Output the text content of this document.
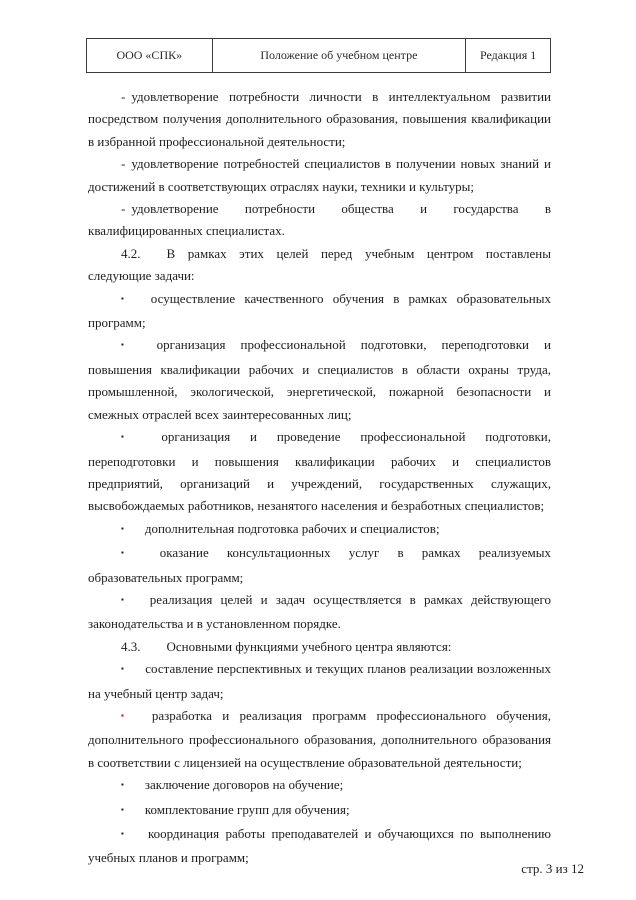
ООО «СПК»	Положение об учебном центре	Редакция 1

- удовлетворение потребности личности в интеллектуальном развитии посредством получения дополнительного образования, повышения квалификации в избранной профессиональной деятельности;

- удовлетворение потребностей специалистов в получении новых знаний и достижений в соответствующих отраслях науки, техники и культуры;

- удовлетворение потребности общества и государства в квалифицированных специалистах.

4.2. В рамках этих целей перед учебным центром поставлены следующие задачи:

▪ осуществление качественного обучения в рамках образовательных программ;

▪ организация профессиональной подготовки, переподготовки и повышения квалификации рабочих и специалистов в области охраны труда, промышленной, экологической, энергетической, пожарной безопасности и смежных отраслей всех заинтересованных лиц;

▪ организация и проведение профессиональной подготовки, переподготовки и повышения квалификации рабочих и специалистов предприятий, организаций и учреждений, государственных служащих, высвобождаемых работников, незанятого населения и безработных специалистов;

▪ дополнительная подготовка рабочих и специалистов;

▪ оказание консультационных услуг в рамках реализуемых образовательных программ;

▪ реализация целей и задач осуществляется в рамках действующего законодательства и в установленном порядке.

4.3. Основными функциями учебного центра являются:

▪ составление перспективных и текущих планов реализации возложенных на учебный центр задач;

▪ разработка и реализация программ профессионального обучения, дополнительного профессионального образования, дополнительного образования в соответствии с лицензией на осуществление образовательной деятельности;

▪ заключение договоров на обучение;

▪ комплектование групп для обучения;

▪ координация работы преподавателей и обучающихся по выполнению учебных планов и программ;

стр. 3 из 12
